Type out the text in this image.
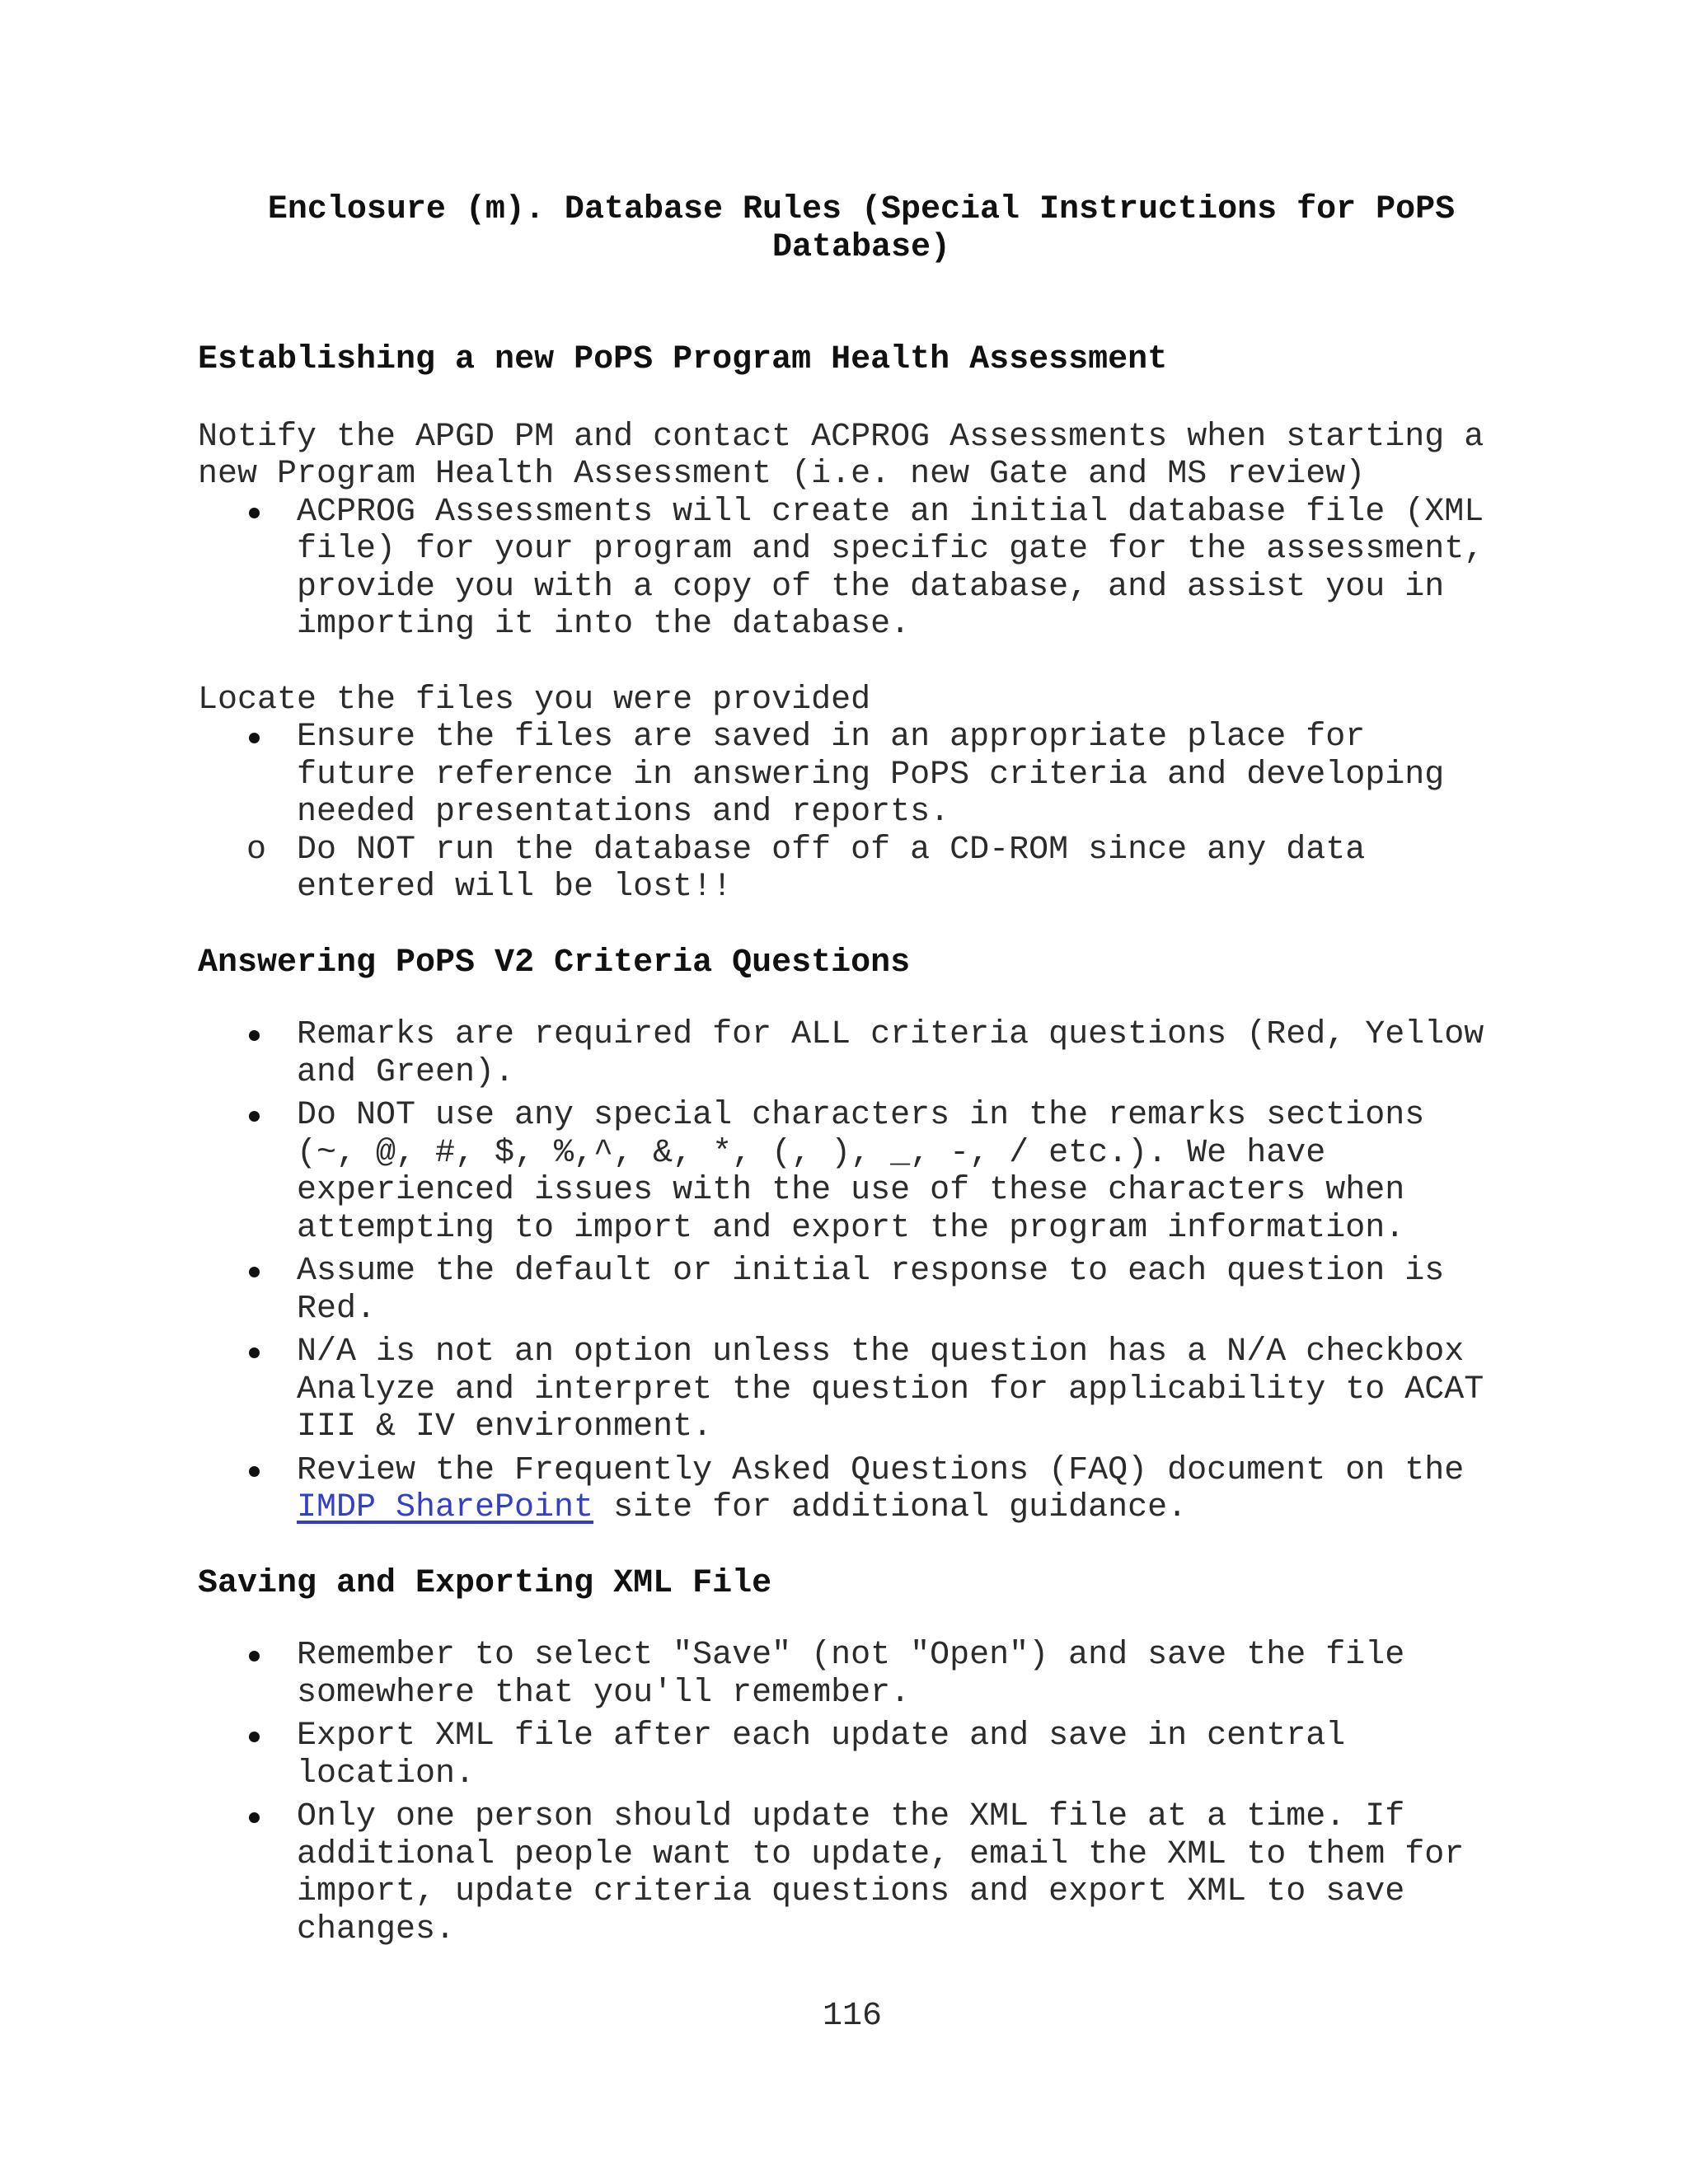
Enclosure (m). Database Rules (Special Instructions for PoPS
Database)
Establishing a new PoPS Program Health Assessment

Notify the APGD PM and contact ACPROG Assessments when starting a new Program Health Assessment (i.e. new Gate and MS review)

ACPROG Assessments will create an initial database file (XML file) for your program and specific gate for the assessment, provide you with a copy of the database, and assist you in importing it into the database.

Locate the files you were provided

Ensure the files are saved in an appropriate place for future reference in answering PoPS criteria and developing needed presentations and reports.
o Do NOT run the database off of a CD-ROM since any data entered will be lost!!
Answering PoPS V2 Criteria Questions
Remarks are required for ALL criteria questions (Red, Yellow and Green).
Do NOT use any special characters in the remarks sections (~, @, #, $, %,^, &, *, (, ), _, -, / etc.). We have experienced issues with the use of these characters when attempting to import and export the program information.
Assume the default or initial response to each question is Red.
N/A is not an option unless the question has a N/A checkbox Analyze and interpret the question for applicability to ACAT III & IV environment.
Review the Frequently Asked Questions (FAQ) document on the IMDP SharePoint site for additional guidance.
Saving and Exporting XML File
Remember to select "Save" (not "Open") and save the file somewhere that you'll remember.
Export XML file after each update and save in central location.
Only one person should update the XML file at a time. If additional people want to update, email the XML to them for import, update criteria questions and export XML to save changes.
116
